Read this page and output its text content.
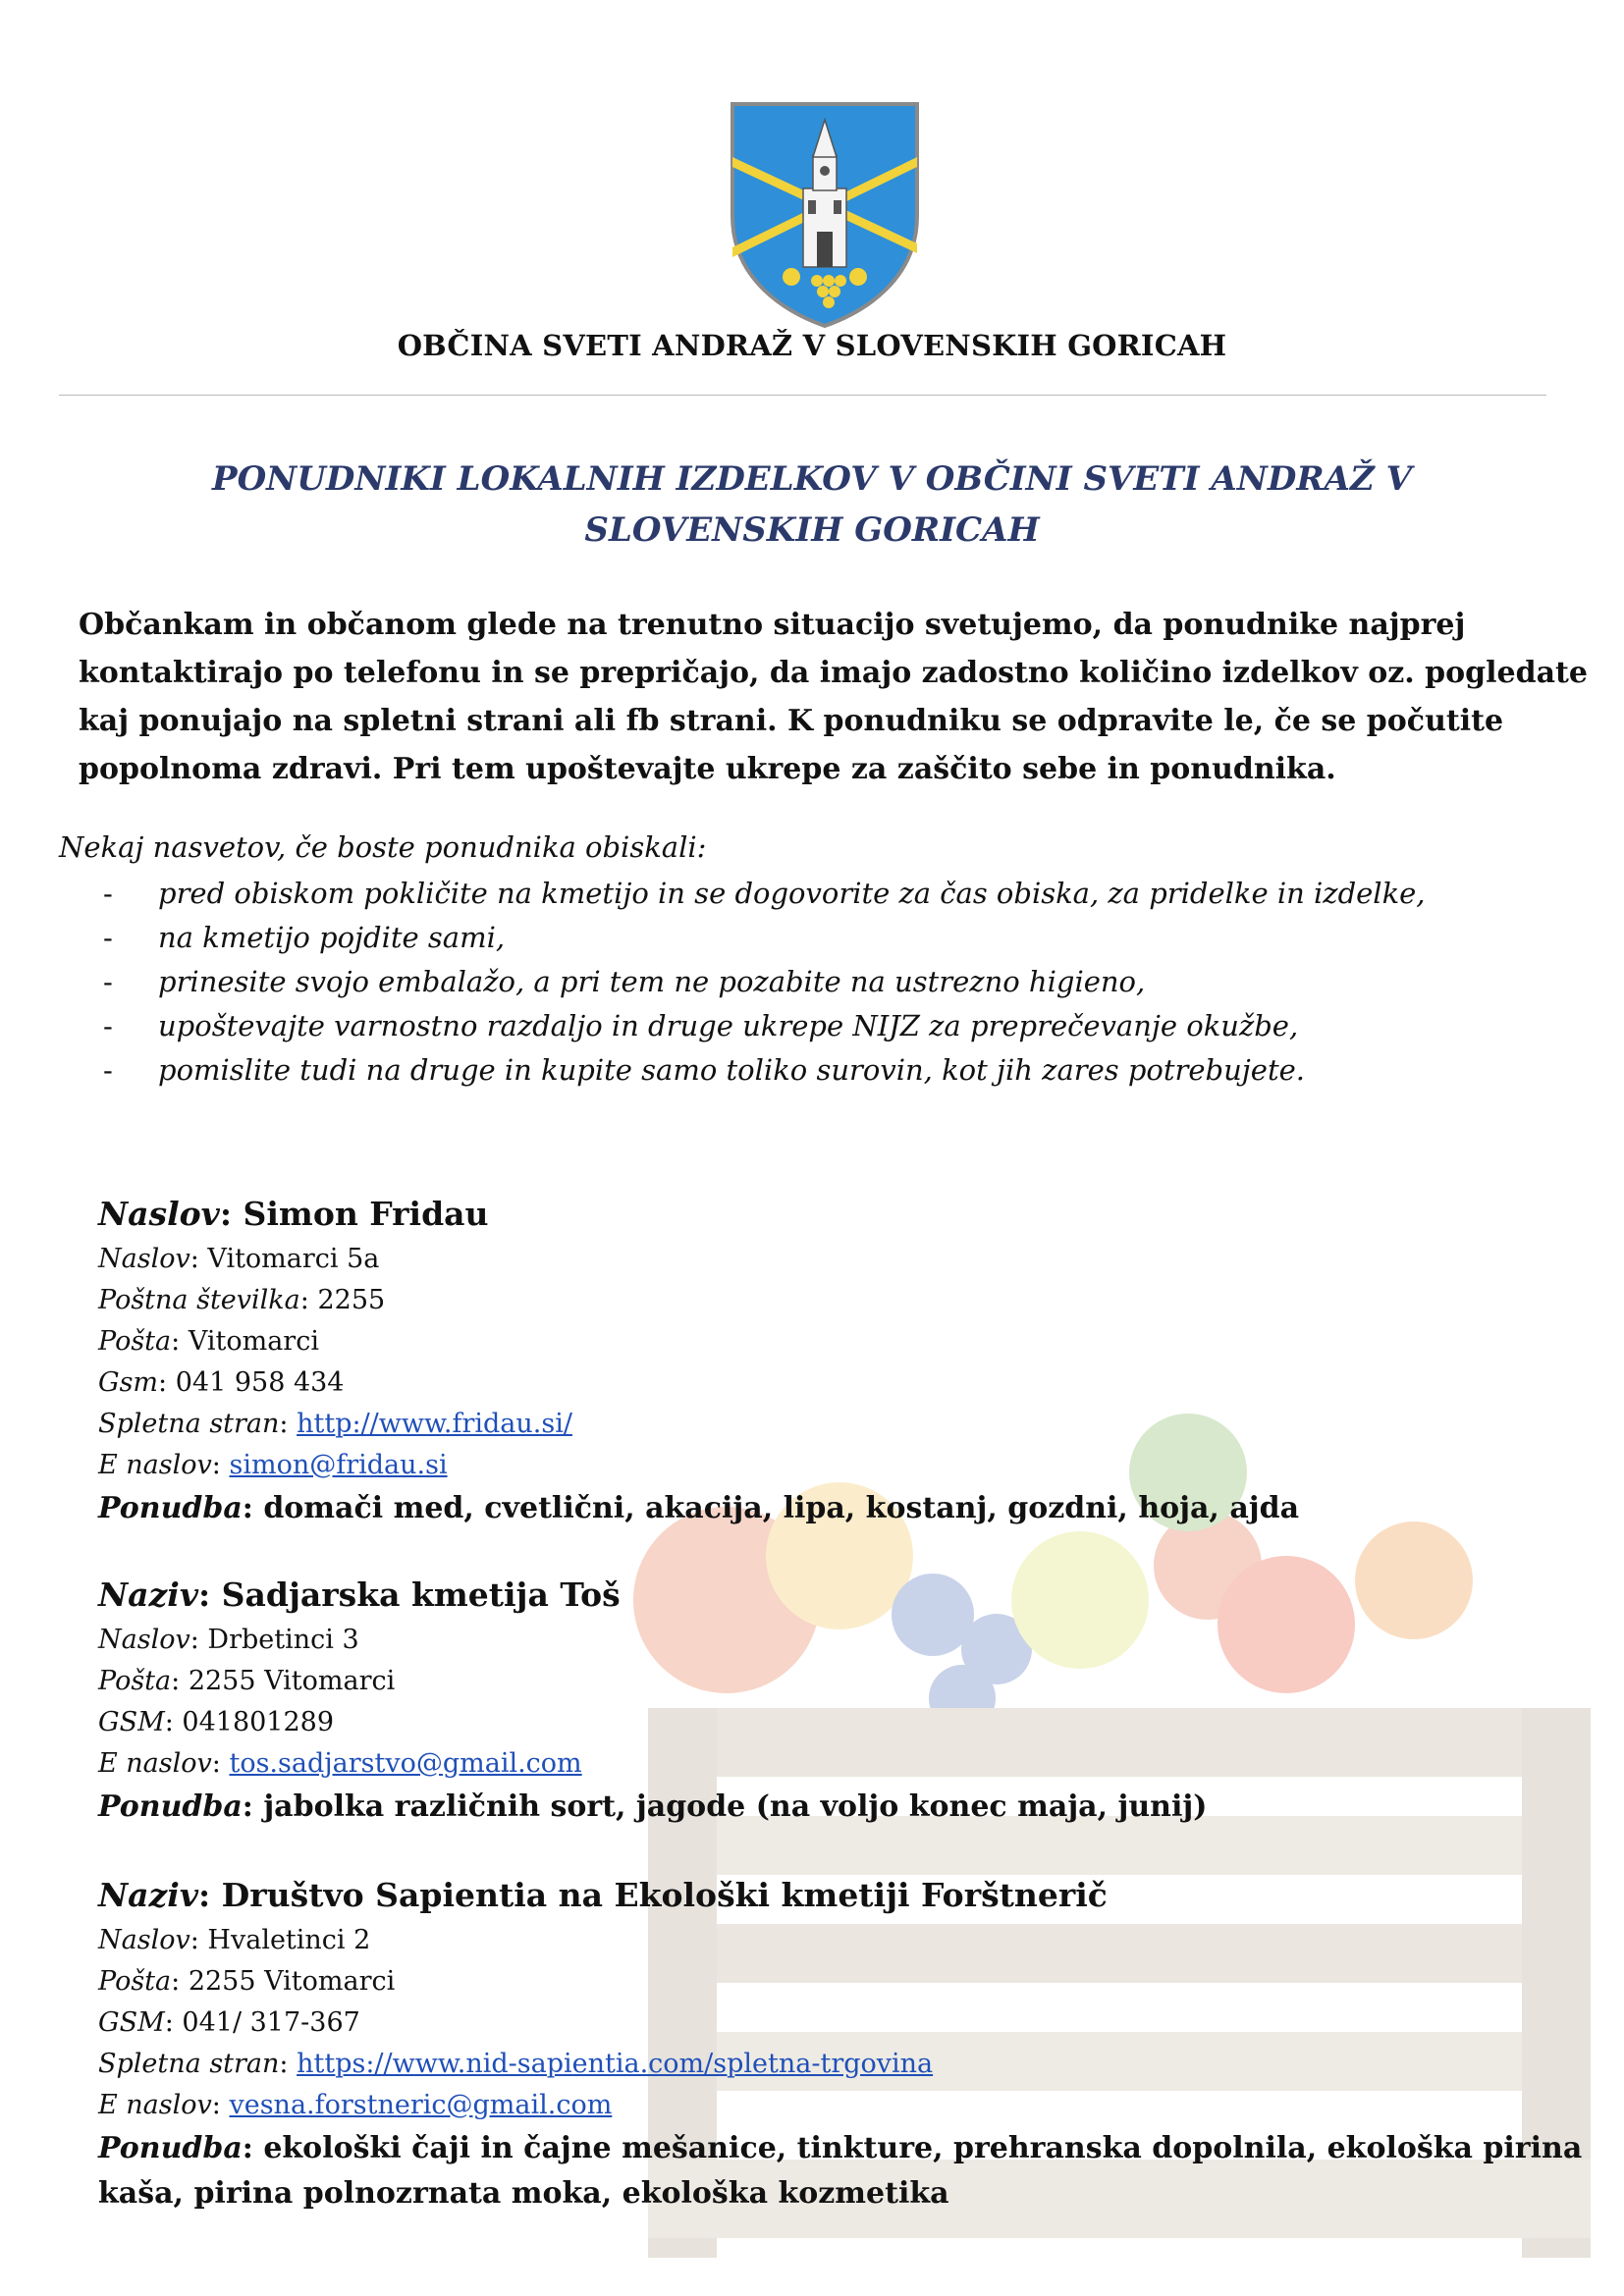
OBČINA SVETI ANDRAŽ V SLOVENSKIH GORICAH
PONUDNIKI LOKALNIH IZDELKOV V OBČINI SVETI ANDRAŽ V SLOVENSKIH GORICAH
Občankam in občanom glede na trenutno situacijo svetujemo, da ponudnike najprej kontaktirajo po telefonu in se prepričajo, da imajo zadostno količino izdelkov oz. pogledate kaj ponujajo na spletni strani ali fb strani. K ponudniku se odpravite le, če se počutite popolnoma zdravi. Pri tem upoštevajte ukrepe za zaščito sebe in ponudnika.
Nekaj nasvetov, če boste ponudnika obiskali:
- pred obiskom pokličite na kmetijo in se dogovorite za čas obiska, za pridelke in izdelke,
- na kmetijo pojdite sami,
- prinesite svojo embalažo, a pri tem ne pozabite na ustrezno higieno,
- upoštevajte varnostno razdaljo in druge ukrepe NIJZ za preprečevanje okužbe,
- pomislite tudi na druge in kupite samo toliko surovin, kot jih zares potrebujete.
Naslov: Simon Fridau
Naslov: Vitomarci 5a
Poštna številka: 2255
Pošta: Vitomarci
Gsm: 041 958 434
Spletna stran: http://www.fridau.si/
E naslov: simon@fridau.si
Ponudba: domači med, cvetlični, akacija, lipa, kostanj, gozdni, hoja, ajda
Naziv: Sadjarska kmetija Toš
Naslov: Drbetinci 3
Pošta: 2255 Vitomarci
GSM: 041801289
E naslov: tos.sadjarstvo@gmail.com
Ponudba: jabolka različnih sort, jagode (na voljo konec maja, junij)
Naziv: Društvo Sapientia na Ekološki kmetiji Forštnerič
Naslov: Hvaletinci 2
Pošta: 2255 Vitomarci
GSM: 041/ 317-367
Spletna stran: https://www.nid-sapientia.com/spletna-trgovina
E naslov: vesna.forstneric@gmail.com
Ponudba: ekološki čaji in čajne mešanice, tinkture, prehranska dopolnila, ekološka pirina kaša, pirina polnozrnata moka, ekološka kozmetika
